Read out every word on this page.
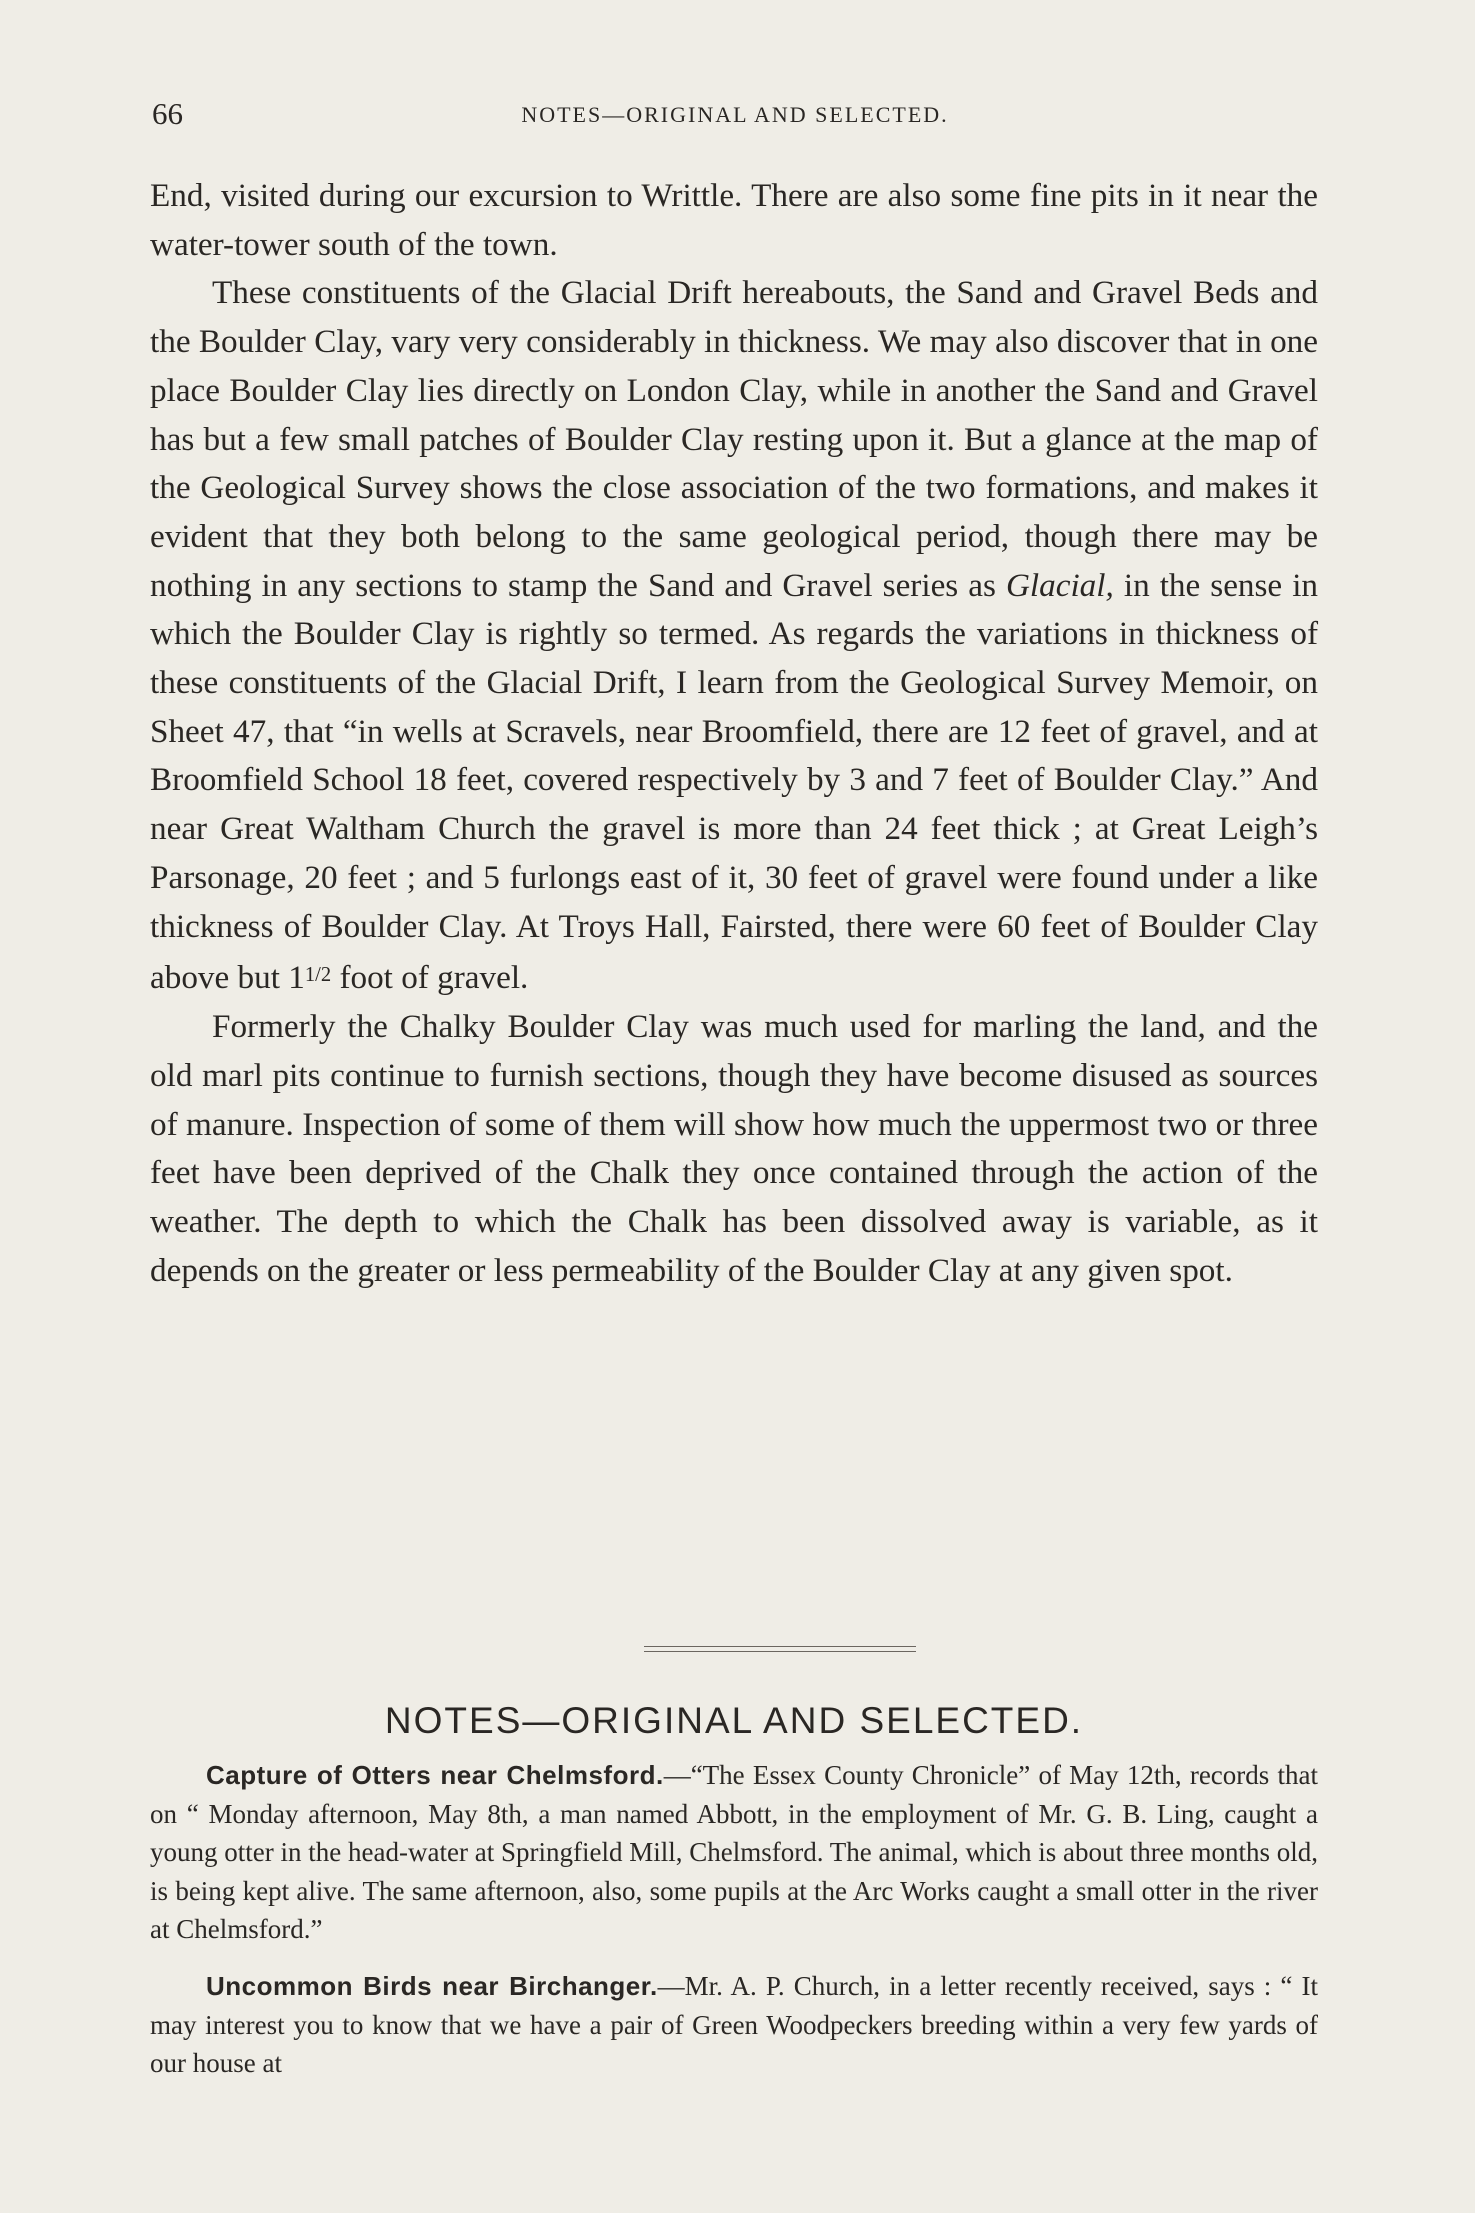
66	NOTES—ORIGINAL AND SELECTED.

End, visited during our excursion to Writtle. There are also some fine pits in it near the water-tower south of the town.

These constituents of the Glacial Drift hereabouts, the Sand and Gravel Beds and the Boulder Clay, vary very considerably in thickness. We may also discover that in one place Boulder Clay lies directly on London Clay, while in another the Sand and Gravel has but a few small patches of Boulder Clay resting upon it. But a glance at the map of the Geological Survey shows the close association of the two formations, and makes it evident that they both belong to the same geological period, though there may be nothing in any sections to stamp the Sand and Gravel series as Glacial, in the sense in which the Boulder Clay is rightly so termed. As regards the variations in thickness of these constituents of the Glacial Drift, I learn from the Geological Survey Memoir, on Sheet 47, that “in wells at Scravels, near Broomfield, there are 12 feet of gravel, and at Broomfield School 18 feet, covered respectively by 3 and 7 feet of Boulder Clay.” And near Great Waltham Church the gravel is more than 24 feet thick ; at Great Leigh’s Parsonage, 20 feet ; and 5 furlongs east of it, 30 feet of gravel were found under a like thickness of Boulder Clay. At Troys Hall, Fairsted, there were 60 feet of Boulder Clay above but $1^{1/2}$ foot of gravel.

Formerly the Chalky Boulder Clay was much used for marling the land, and the old marl pits continue to furnish sections, though they have become disused as sources of manure. Inspection of some of them will show how much the uppermost two or three feet have been deprived of the Chalk they once contained through the action of the weather. The depth to which the Chalk has been dissolved away is variable, as it depends on the greater or less permeability of the Boulder Clay at any given spot.

NOTES—ORIGINAL AND SELECTED.

Capture of Otters near Chelmsford.—“The Essex County Chronicle” of May 12th, records that on “ Monday afternoon, May 8th, a man named Abbott, in the employment of Mr. G. B. Ling, caught a young otter in the head-water at Springfield Mill, Chelmsford. The animal, which is about three months old, is being kept alive. The same afternoon, also, some pupils at the Arc Works caught a small otter in the river at Chelmsford.”

Uncommon Birds near Birchanger.—Mr. A. P. Church, in a letter recently received, says : “ It may interest you to know that we have a pair of Green Woodpeckers breeding within a very few yards of our house at
